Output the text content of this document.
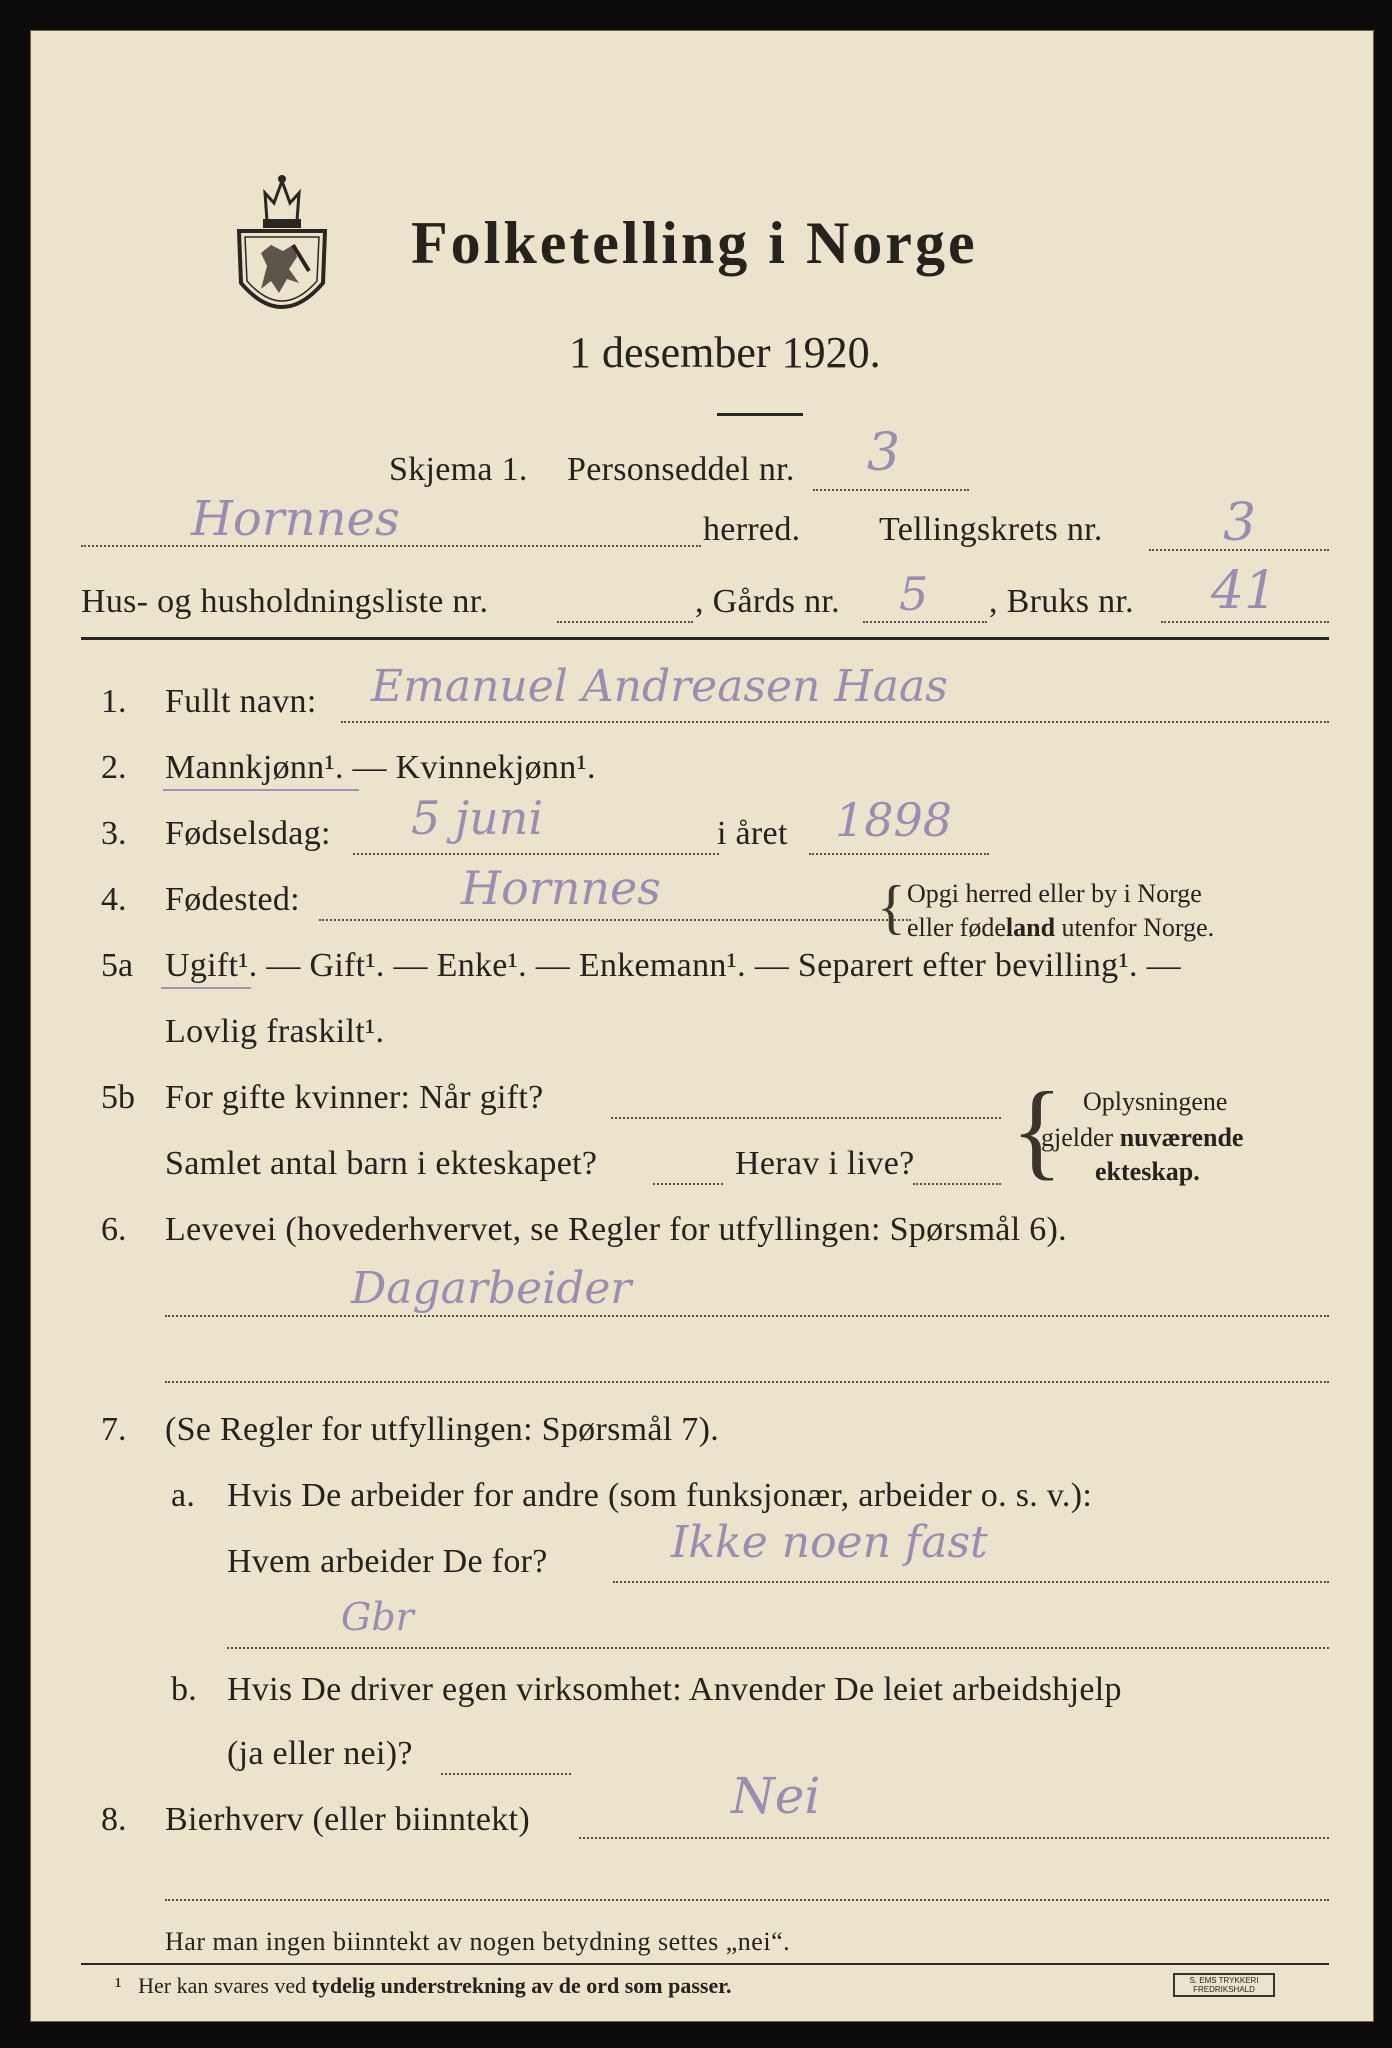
Folketelling i Norge
1 desember 1920.
Skjema 1. Personseddel nr. 3
Hornnes	herred. Tellingskrets nr. 3
Hus- og husholdningsliste nr.	, Gårds nr. 5 , Bruks nr. 41
1. Fullt navn: Emanuel Andreasen Haas
2. Mannkjønn¹. — Kvinnekjønn¹.
3. Fødselsdag: 5 juni	i året 1898
4. Fødested:	Hornnes	{ Opgi herred eller by i Norge
eller fødeland utenfor Norge.
5a Ugift¹. — Gift¹. — Enke¹. — Enkemann¹. — Separert efter bevilling¹. —
Lovlig fraskilt¹.
5b For gifte kvinner: Når gift?
Samlet antal barn i ekteskapet?	Herav i live? { Oplysningene
gjelder nuværende
ekteskap.
6. Levevei (hovederhvervet, se Regler for utfyllingen: Spørsmål 6).
Dagarbeider
7. (Se Regler for utfyllingen: Spørsmål 7).
a. Hvis De arbeider for andre (som funksjonær, arbeider o. s. v.):
Hvem arbeider De for?	Ikke noen fast
Gbr
b. Hvis De driver egen virksomhet: Anvender De leiet arbeidshjelp
(ja eller nei)?
8. Bierhverv (eller biinntekt)	Nei
Har man ingen biinntekt av nogen betydning settes „nei“.
¹ Her kan svares ved tydelig understrekning av de ord som passer.	S. EMS TRYKKERI FREDRIKSHALD
